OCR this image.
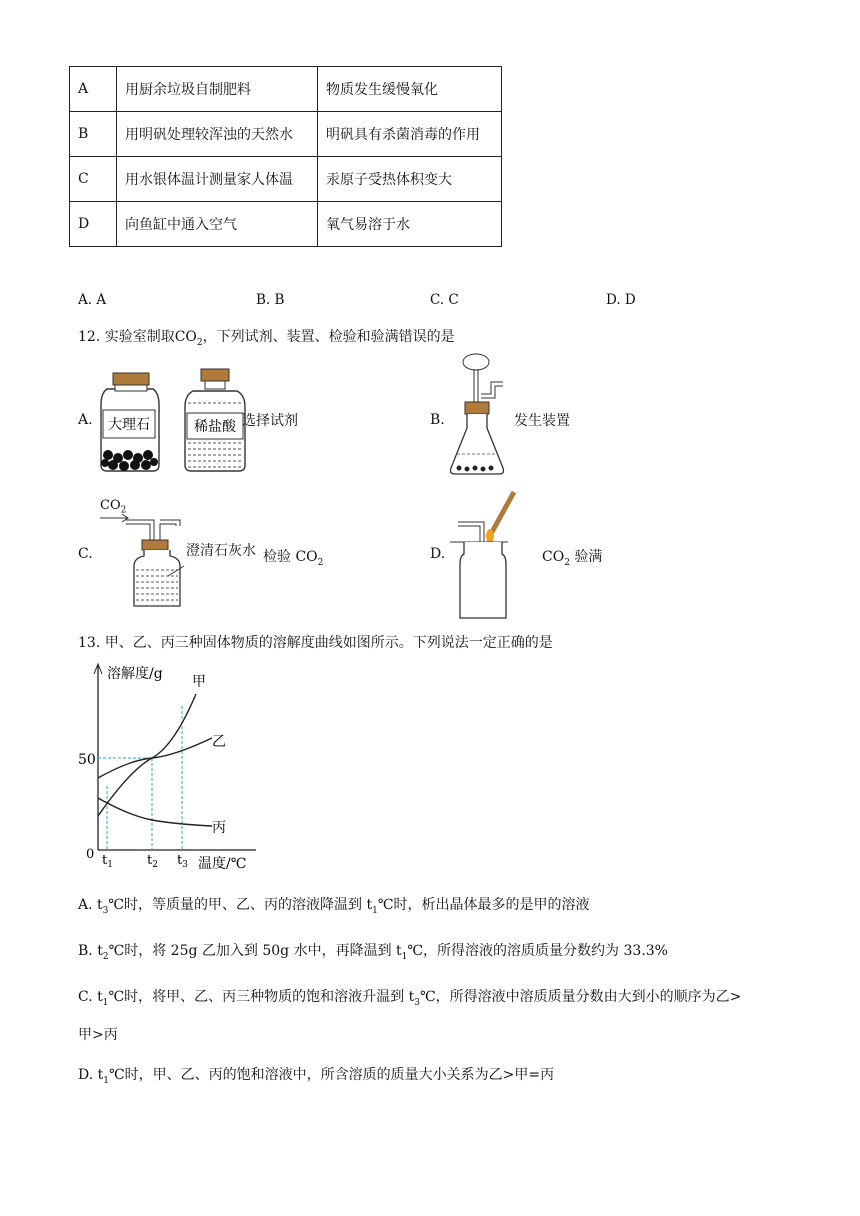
A	用厨余垃圾自制肥料	物质发生缓慢氧化
B	用明矾处理较浑浊的天然水	明矾具有杀菌消毒的作用
C	用水银体温计测量家人体温	汞原子受热体积变大
D	向鱼缸中通入空气	氧气易溶于水
A. A	B. B	C. C	D. D
12. 实验室制取$CO_2$，下列试剂、装置、检验和验满错误的是
A. 大理石	稀盐酸 选择试剂	B.	发生装置
C.
$CO_2$
澄清石灰水 检验 $CO_2$
D.	$CO_2$ 验满
13. 甲、乙、丙三种固体物质的溶解度曲线如图所示。下列说法一定正确的是
溶解度/g
50
0
甲
乙
丙
$t_1$	$t_2$ $t_3$ 温度/℃
A. $t_3℃$时，等质量的甲、乙、丙的溶液降温到 $t_1℃$时，析出晶体最多的是甲的溶液
B. $t_2℃$时，将 25g 乙加入到 50g 水中，再降温到 $t_1℃$，所得溶液的溶质质量分数约为 33.3%
C. $t_1℃$时，将甲、乙、丙三种物质的饱和溶液升温到 $t_3℃$，所得溶液中溶质质量分数由大到小的顺序为乙>
甲>丙
D. $t_1℃$时，甲、乙、丙的饱和溶液中，所含溶质的质量大小关系为乙>甲=丙
